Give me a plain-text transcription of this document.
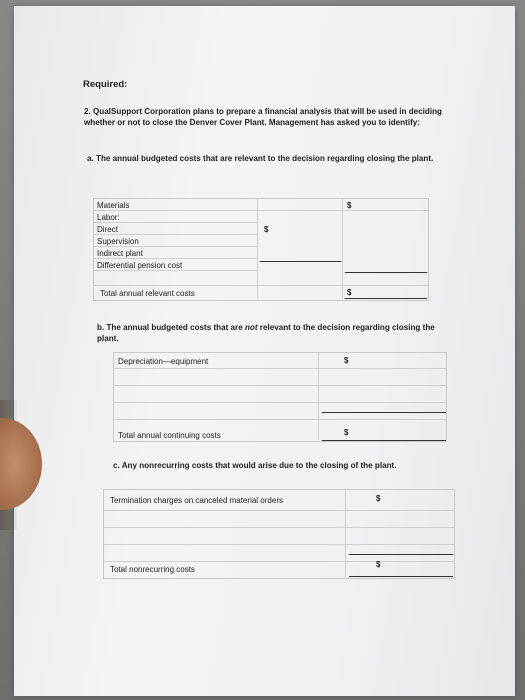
Required:
2. QualSupport Corporation plans to prepare a financial analysis that will be used in deciding whether or not to close the Denver Cover Plant. Management has asked you to identify:
a. The annual budgeted costs that are relevant to the decision regarding closing the plant.
Materials
Labor:
Direct
Supervision
Indirect plant
Differential pension cost
Total annual relevant costs
$
$
$
b. The annual budgeted costs that are not relevant to the decision regarding closing the plant.
Depreciation—equipment
Total annual continuing costs
$
$
c. Any nonrecurring costs that would arise due to the closing of the plant.
Termination charges on canceled material orders
Total nonrecurring costs
$
$
